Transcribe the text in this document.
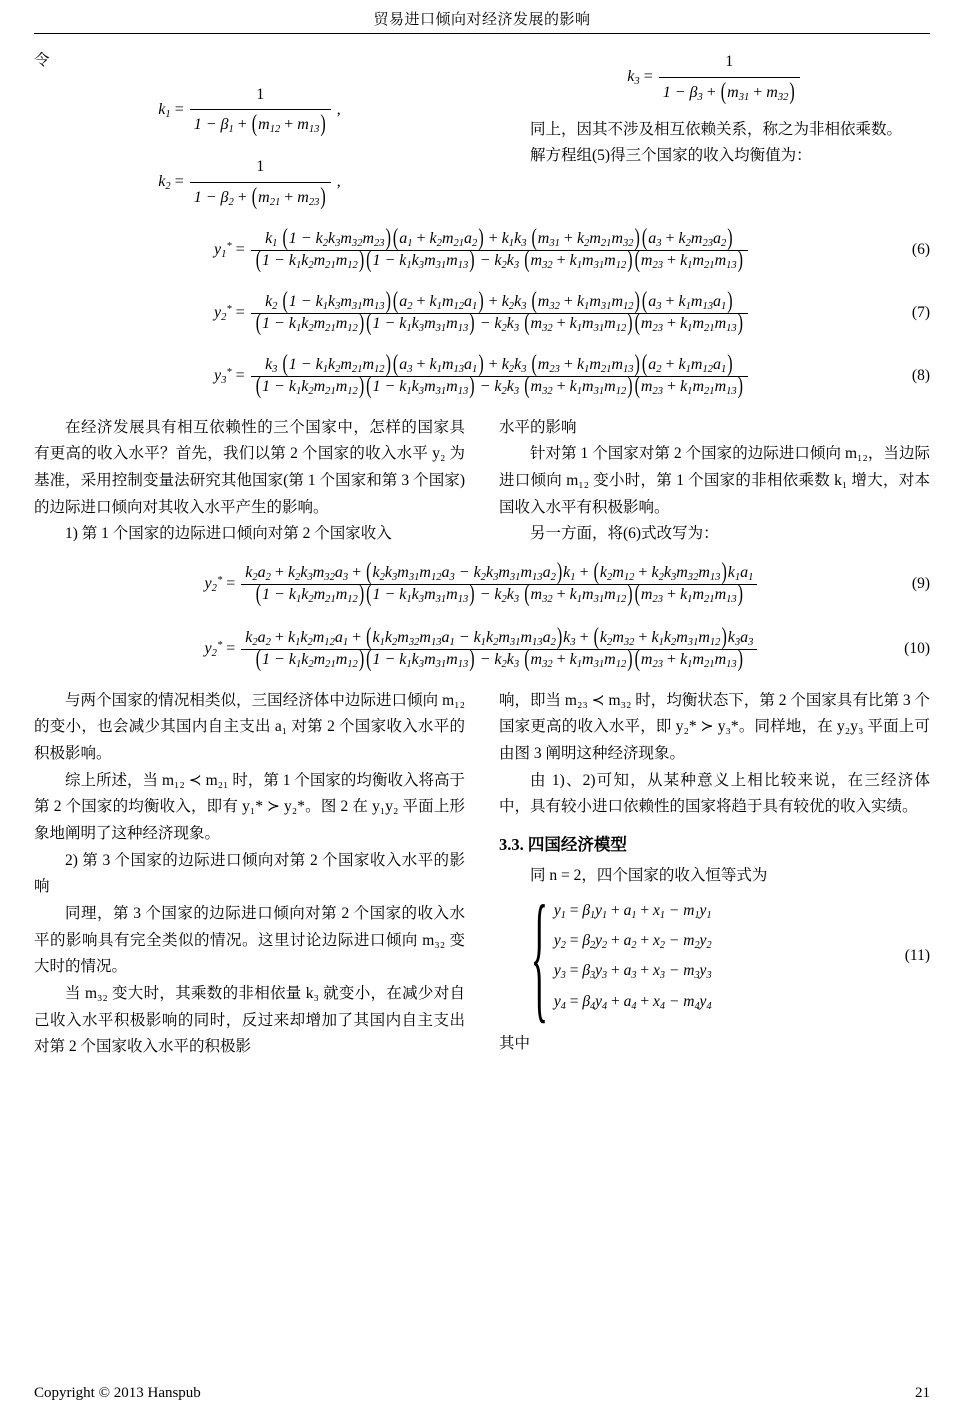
贸易进口倾向对经济发展的影响

令

$k_1 = \frac{1}{1 - \beta_1 + (m_{12} + m_{13})}$ ,
$k_2 = \frac{1}{1 - \beta_2 + (m_{21} + m_{23})}$ ,
$k_3 = \frac{1}{1 - \beta_3 + (m_{31} + m_{32})}$

同上，因其不涉及相互依赖关系，称之为非相依乘数。

解方程组(5)得三个国家的收入均衡值为：

$y_1^*$ =
$k_1$ $(1 - k_2k_3m_{32}m_{23})$ $(a_1 + k_2m_{21}a_2) + k_1k_3$ $(m_{31} + k_2m_{21}m_{32}) (a_3 + k_2m_{23}a_2)$
$(1 - k_1k_2m_{21}m_{12})$ $(1 - k_1k_3m_{31}m_{13}) - k_2k_3$ $(m_{32} + k_1m_{31}m_{12}) (m_{23} + k_1m_{21}m_{13})$	(6)
$y_2^*$ =
$k_2$ $(1 - k_1k_3m_{31}m_{13})$ $(a_2 + k_1m_{12}a_1) + k_2k_3$ $(m_{32} + k_1m_{31}m_{12}) (a_3 + k_1m_{13}a_1)$
$(1 - k_1k_2m_{21}m_{12})$ $(1 - k_1k_3m_{31}m_{13}) - k_2k_3$ $(m_{32} + k_1m_{31}m_{12}) (m_{23} + k_1m_{21}m_{13})$	(7)
$y_3^*$ =
$k_3$ $(1 - k_1k_2m_{21}m_{12})$ $(a_3 + k_1m_{13}a_1) + k_2k_3$ $(m_{23} + k_1m_{21}m_{13}) (a_2 + k_1m_{12}a_1)$
$(1 - k_1k_2m_{21}m_{12})$ $(1 - k_1k_3m_{31}m_{13}) - k_2k_3$ $(m_{32} + k_1m_{31}m_{12}) (m_{23} + k_1m_{21}m_{13})$	(8)

在经济发展具有相互依赖性的三个国家中，怎样的国家具有更高的收入水平？首先，我们以第 2 个国家的收入水平 y₂ 为基准，采用控制变量法研究其他国家(第 1 个国家和第 3 个国家)的边际进口倾向对其收入水平产生的影响。

1) 第 1 个国家的边际进口倾向对第 2 个国家收入

水平的影响

针对第 1 个国家对第 2 个国家的边际进口倾向 m₁₂，当边际进口倾向 m₁₂ 变小时，第 1 个国家的非相依乘数 k₁ 增大，对本国收入水平有积极影响。

另一方面，将(6)式改写为：

$y_2^*$ =
$k_2a_2 + k_2k_3m_{32}a_3 + (k_2k_3m_{31}m_{12}a_3 - k_2k_3m_{31}m_{13}a_2)k_1 + (k_2m_{12} + k_2k_3m_{32}m_{13})k_1a_1$
$(1 - k_1k_2m_{21}m_{12})$ $(1 - k_1k_3m_{31}m_{13}) - k_2k_3$ $(m_{32} + k_1m_{31}m_{12}) (m_{23} + k_1m_{21}m_{13})$	(9)
$y_2^*$ =
$k_2a_2 + k_1k_2m_{12}a_1 + (k_1k_2m_{32}m_{13}a_1 - k_1k_2m_{31}m_{13}a_2)k_3 + (k_2m_{32} + k_1k_2m_{31}m_{12})k_3a_3$
$(1 - k_1k_2m_{21}m_{12})$ $(1 - k_1k_3m_{31}m_{13}) - k_2k_3$ $(m_{32} + k_1m_{31}m_{12}) (m_{23} + k_1m_{21}m_{13})$	(10)

与两个国家的情况相类似，三国经济体中边际进口倾向 m₁₂ 的变小，也会减少其国内自主支出 a₁ 对第 2 个国家收入水平的积极影响。

综上所述，当 m₁₂ ≺ m₂₁ 时，第 1 个国家的均衡收入将高于第 2 个国家的均衡收入，即有 y₁* ≻ y₂*。图 2 在 y₁y₂ 平面上形象地阐明了这种经济现象。

2) 第 3 个国家的边际进口倾向对第 2 个国家收入水平的影响

同理，第 3 个国家的边际进口倾向对第 2 个国家的收入水平的影响具有完全类似的情况。这里讨论边际进口倾向 m₃₂ 变大时的情况。

当 m₃₂ 变大时，其乘数的非相依量 k₃ 就变小，在减少对自己收入水平积极影响的同时，反过来却增加了其国内自主支出对第 2 个国家收入水平的积极影

响，即当 m₂₃ ≺ m₃₂ 时，均衡状态下，第 2 个国家具有比第 3 个国家更高的收入水平，即 y₂* ≻ y₃*。同样地，在 y₂y₃ 平面上可由图 3 阐明这种经济现象。

由 1)、2)可知，从某种意义上相比较来说，在三经济体中，具有较小进口依赖性的国家将趋于具有较优的收入实绩。

3.3. 四国经济模型

同 n = 2，四个国家的收入恒等式为

{ $y_1 = \beta_1y_1 + a_1 + x_1 - m_1y_1$
$y_2 = \beta_2y_2 + a_2 + x_2 - m_2y_2$
$y_3 = \beta_3y_3 + a_3 + x_3 - m_3y_3$
$y_4 = \beta_4y_4 + a_4 + x_4 - m_4y_4$
(11)

其中

Copyright © 2013 Hanspub	21
